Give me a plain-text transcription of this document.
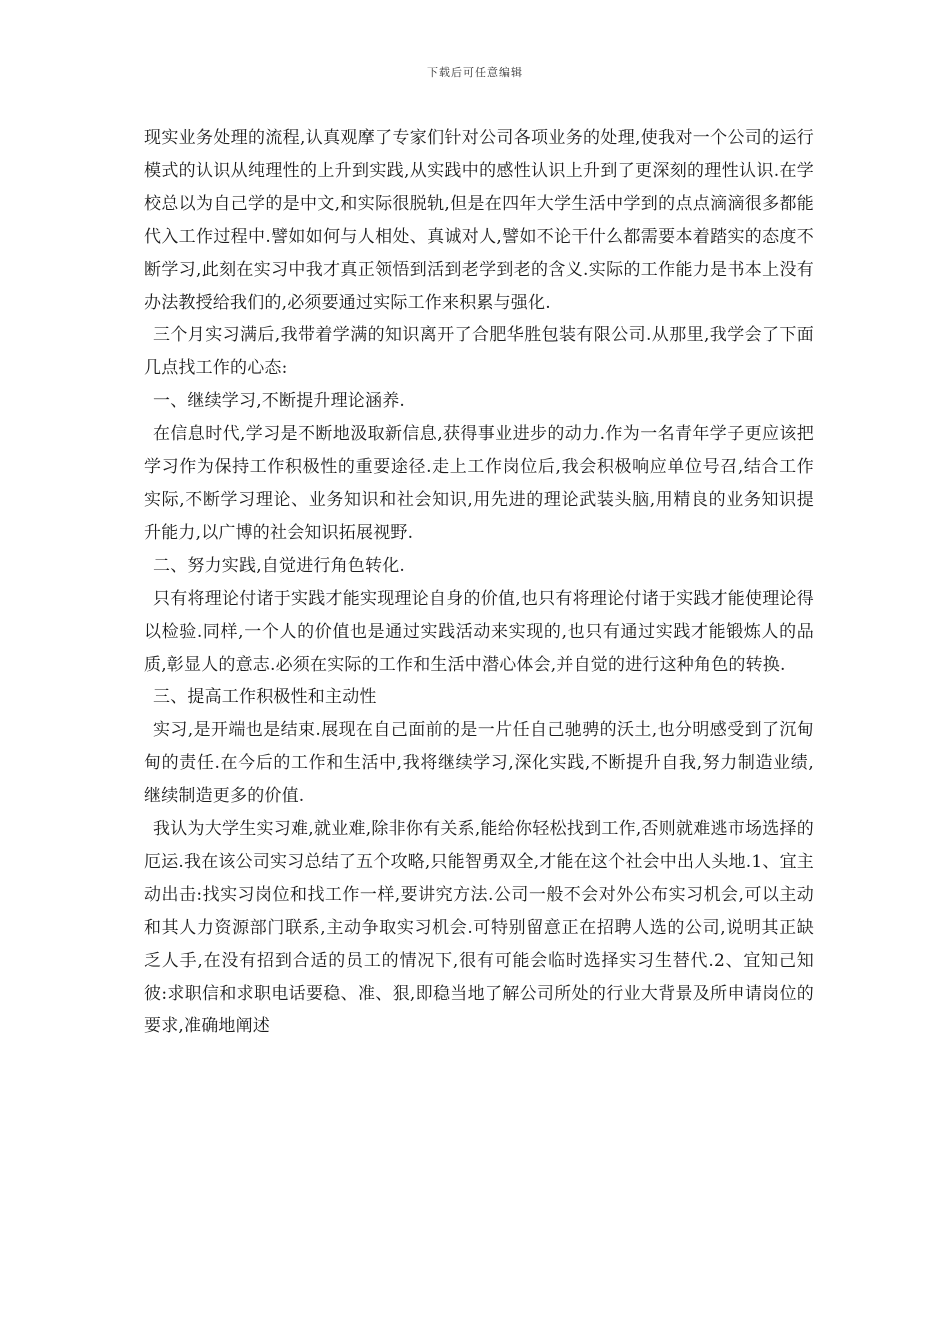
下载后可任意编辑

现实业务处理的流程,认真观摩了专家们针对公司各项业务的处理,使我对一个公司的运行模式的认识从纯理性的上升到实践,从实践中的感性认识上升到了更深刻的理性认识.在学校总以为自己学的是中文,和实际很脱轨,但是在四年大学生活中学到的点点滴滴很多都能代入工作过程中.譬如如何与人相处、真诚对人,譬如不论干什么都需要本着踏实的态度不断学习,此刻在实习中我才真正领悟到活到老学到老的含义.实际的工作能力是书本上没有办法教授给我们的,必须要通过实际工作来积累与强化.

三个月实习满后,我带着学满的知识离开了合肥华胜包装有限公司.从那里,我学会了下面几点找工作的心态:

一、继续学习,不断提升理论涵养.

在信息时代,学习是不断地汲取新信息,获得事业进步的动力.作为一名青年学子更应该把学习作为保持工作积极性的重要途径.走上工作岗位后,我会积极响应单位号召,结合工作实际,不断学习理论、业务知识和社会知识,用先进的理论武装头脑,用精良的业务知识提升能力,以广博的社会知识拓展视野.

二、努力实践,自觉进行角色转化.

只有将理论付诸于实践才能实现理论自身的价值,也只有将理论付诸于实践才能使理论得以检验.同样,一个人的价值也是通过实践活动来实现的,也只有通过实践才能锻炼人的品质,彰显人的意志.必须在实际的工作和生活中潜心体会,并自觉的进行这种角色的转换.

三、提高工作积极性和主动性

实习,是开端也是结束.展现在自己面前的是一片任自己驰骋的沃土,也分明感受到了沉甸甸的责任.在今后的工作和生活中,我将继续学习,深化实践,不断提升自我,努力制造业绩,继续制造更多的价值.

我认为大学生实习难,就业难,除非你有关系,能给你轻松找到工作,否则就难逃市场选择的厄运.我在该公司实习总结了五个攻略,只能智勇双全,才能在这个社会中出人头地.1、宜主动出击:找实习岗位和找工作一样,要讲究方法.公司一般不会对外公布实习机会,可以主动和其人力资源部门联系,主动争取实习机会.可特别留意正在招聘人选的公司,说明其正缺乏人手,在没有招到合适的员工的情况下,很有可能会临时选择实习生替代.2、宜知己知彼:求职信和求职电话要稳、准、狠,即稳当地了解公司所处的行业大背景及所申请岗位的要求,准确地阐述
